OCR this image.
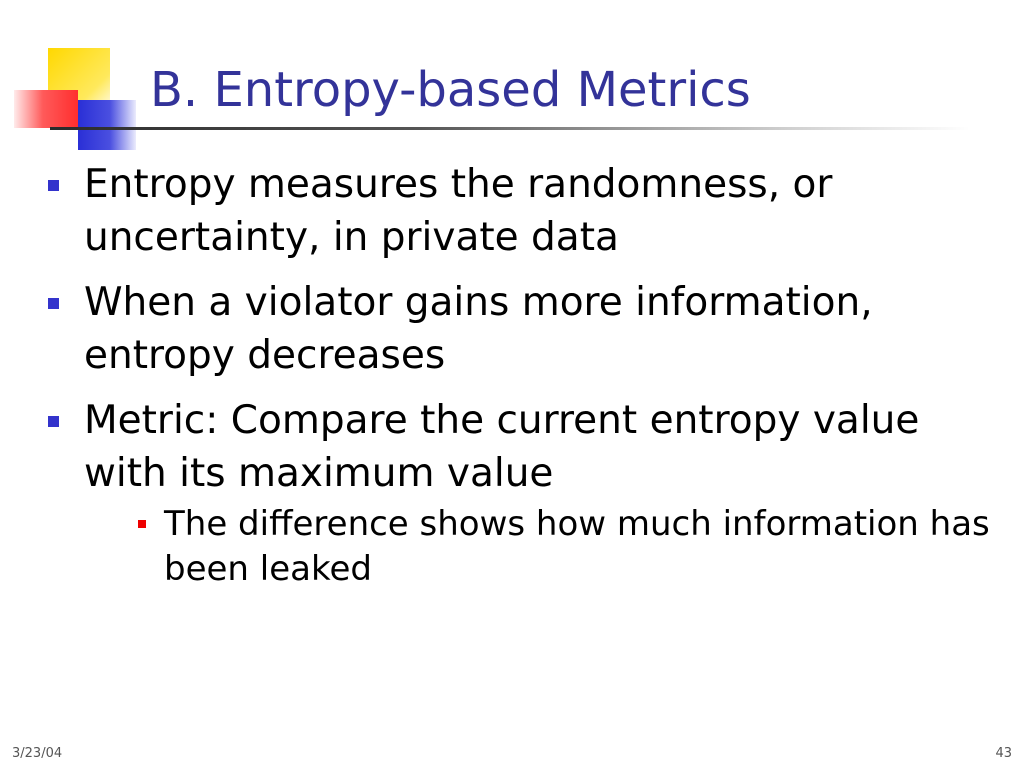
B. Entropy-based Metrics
Entropy measures the randomness, or uncertainty, in private data
When a violator gains more information, entropy decreases
Metric: Compare the current entropy value with its maximum value
The difference shows how much information has been leaked
3/23/04	43
